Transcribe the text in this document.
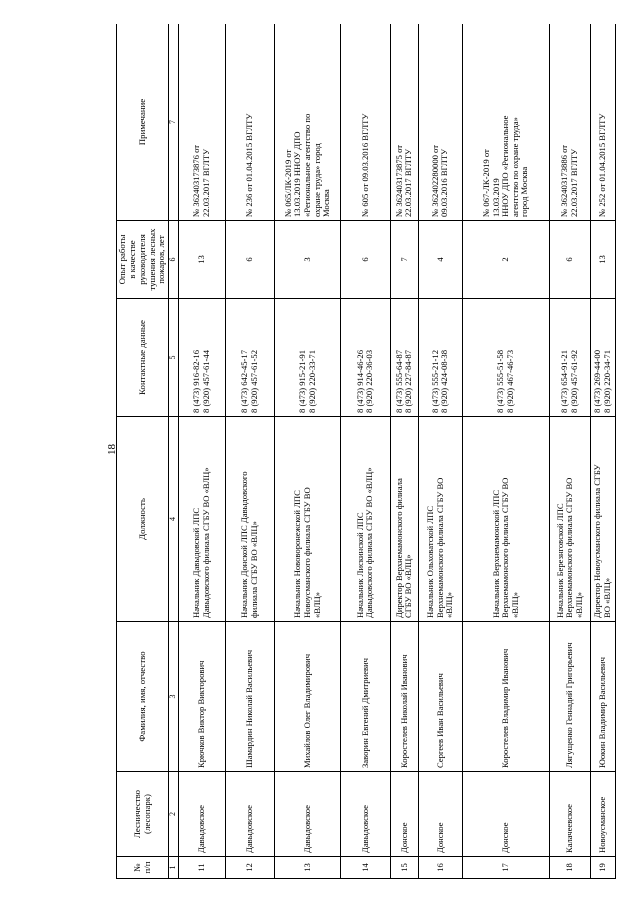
18
№
п/п	Лесничество
(лесопарк)	Фамилия, имя, отчество	Должность	Контактные данные	Опыт работы
в качестве
руководителя
тушения лесных
пожаров, лет	Примечание
1	2	3	4	5	6	7
11	Давыдовское	Крючков Виктор Викторович	Начальник Давыдовской ЛПС
Давыдовского филиала СГБУ ВО «ВЛЦ»	8 (473) 916-82-16
8 (920) 457-61-44	13	№ 36240317З876 от
22.03.2017 ВГЛТУ
12	Давыдовское	Шамардин Николай Васильевич	Начальник Донской ЛПС Давыдовского
филиала СГБУ ВО «ВЛЦ»	8 (473) 642-45-17
8 (920) 457-61-52	6	№ 236 от 01.04.2015 ВГЛТУ
13	Давыдовское	Михайлов Олег Владимирович	Начальник Нововоронежской ЛПС
Новоусманского филиала СГБУ ВО
«ВЛЦ»	8 (473) 915-21-91
8 (920) 220-33-71	3	№ 065/ЛК-2019 от
13.03.2019 ННОУ ДПО
«Региональное агентство по
охране труда» город
Москва
14	Давыдовское	Заворин Евгений Дмитриевич	Начальник Лискинской ЛПС
Давыдовского филиала СГБУ ВО «ВЛЦ»	8 (473) 914-46-26
8 (920) 220-36-03	6	№ 605 от 09.03.2016 ВГЛТУ
15	Донское	Коростелев Николай Иванович	Директор Верхнемамонского филиала
СГБУ ВО «ВЛЦ»	8 (473) 555-64-87
8 (920) 227-84-87	7	№ 36240317З875 от
22.03.2017 ВГЛТУ
16	Донское	Сергеев Иван Васильевич	Начальник Ольховатской ЛПС
Верхнемамонского филиала СГБУ ВО
«ВЛЦ»	8 (473) 555-21-12
8 (920) 424-08-38	4	№ 362402280000 от
09.03.2016 ВГЛТУ
17	Донское	Коростелев Владимир Иванович	Начальник Верхнемамонской ЛПС
Верхнемамонского филиала СГБУ ВО
«ВЛЦ»	8 (473) 555-51-58
8 (920) 467-46-73	2	№ 067-ЛК-2019 от
13.03.2019
ННОУ ДПО «Региональное
агентство по охране труда»
город Москва
18	Калачеевское	Лягущенко Геннадий Григорьевич	Начальник Березнговской ЛПС
Верхнемамонского филиала СГБУ ВО
«ВЛЦ»	8 (473) 654-91-21
8 (920) 457-61-92	6	№ 36240317З886 от
22.03.2017 ВГЛТУ
19	Новоусманское	Юокин Владимир Васильевич	Директор Новоусманского филиала СГБУ
ВО «ВЛЦ»	8 (473) 269-44-00
8 (920) 220-34-71	13	№ 252 от 01.04.2015 ВГЛТУ
